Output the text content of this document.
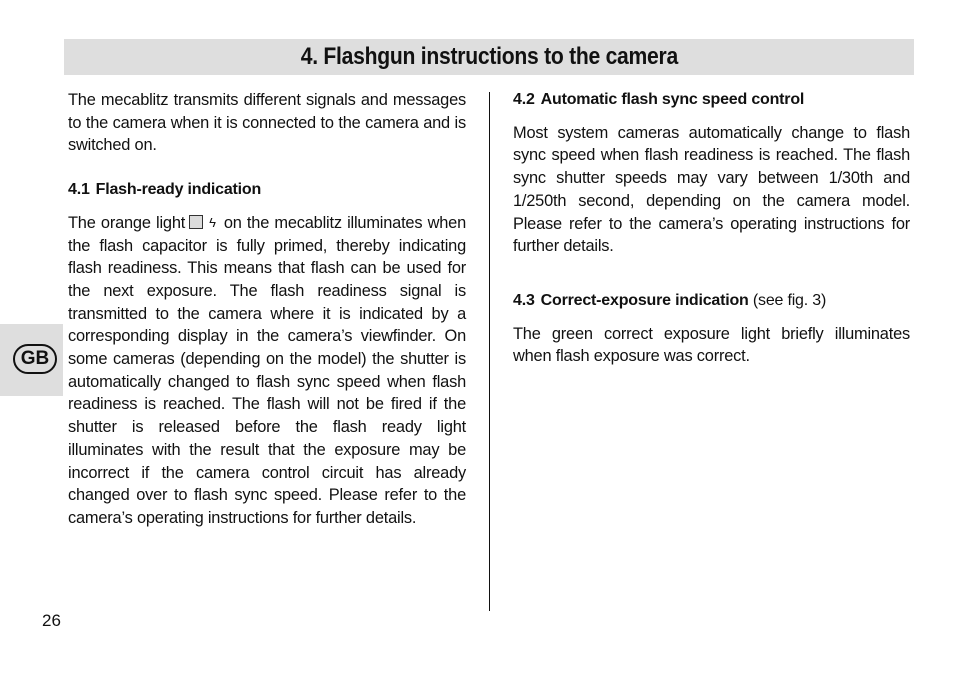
4. Flashgun instructions to the camera
GB

The mecablitz transmits different signals and messages to the camera when it is connected to the camera and is switched on.

4.1 Flash-ready indication

The orange light ϟ on the mecablitz illuminates when the flash capacitor is fully primed, thereby indicating flash readiness. This means that flash can be used for the next exposure. The flash readiness signal is transmitted to the camera where it is indicated by a corresponding display in the camera’s viewfinder. On some cameras (depending on the model) the shutter is automatically changed to flash sync speed when flash readiness is reached. The flash will not be fired if the shutter is released before the flash ready light illuminates with the result that the exposure may be incorrect if the camera control circuit has already changed over to flash sync speed. Please refer to the camera’s operating instructions for further details.

4.2 Automatic flash sync speed control

Most system cameras automatically change to flash sync speed when flash readiness is reached. The flash sync shutter speeds may vary between 1/30th and 1/250th second, depending on the camera model. Please refer to the camera’s operating instructions for further details.

4.3 Correct-exposure indication (see fig. 3)

The green correct exposure light briefly illuminates when flash exposure was correct.

26
